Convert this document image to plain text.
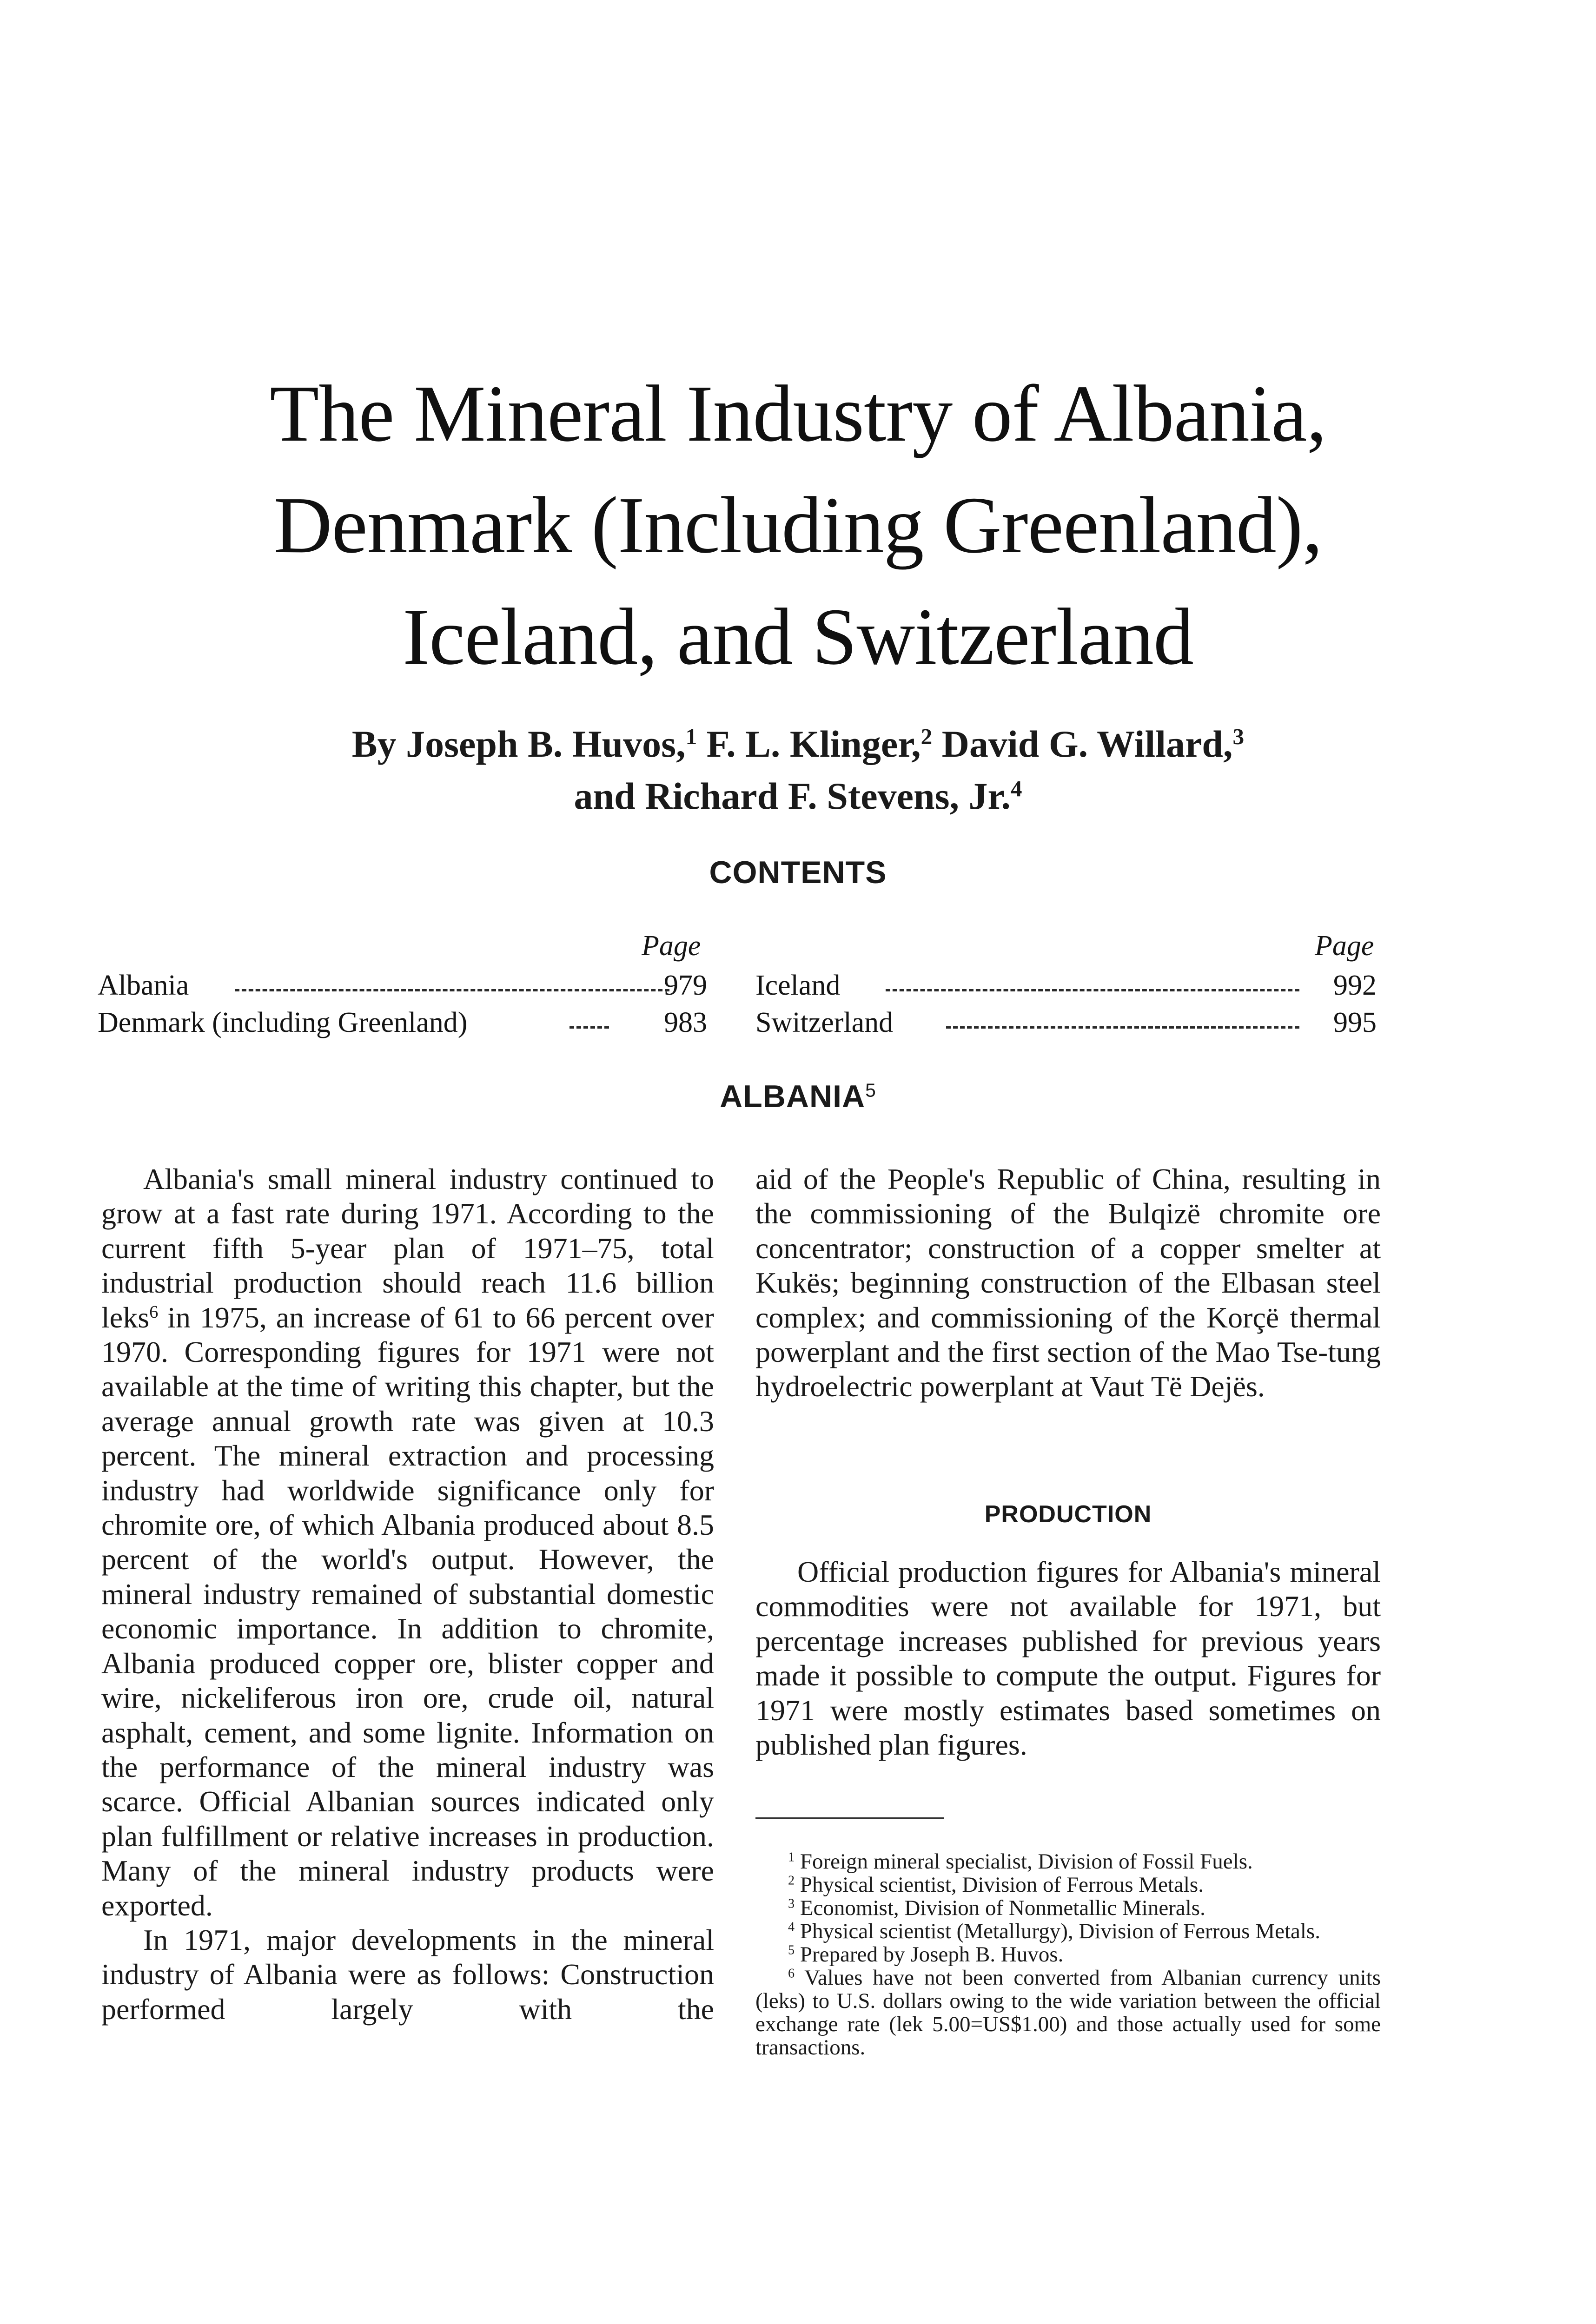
The Mineral Industry of Albania,
Denmark (Including Greenland),
Iceland, and Switzerland
By Joseph B. Huvos,$^1$ F. L. Klinger,$^2$ David G. Willard,$^3$
and Richard F. Stevens, Jr.$^4$
CONTENTS
Page	Page
Albania	979
Denmark (including Greenland)	983
Iceland	992
Switzerland	995
ALBANIA$^5$

Albania's small mineral industry continued to grow at a fast rate during 1971. According to the current fifth 5-year plan of 1971–75, total industrial production should reach 11.6 billion leks$^6$ in 1975, an increase of 61 to 66 percent over 1970. Corresponding figures for 1971 were not available at the time of writing this chapter, but the average annual growth rate was given at 10.3 percent. The mineral extraction and processing industry had worldwide significance only for chromite ore, of which Albania produced about 8.5 percent of the world's output. However, the mineral industry remained of substantial domestic economic importance. In addition to chromite, Albania produced copper ore, blister copper and wire, nickeliferous iron ore, crude oil, natural asphalt, cement, and some lignite. Information on the performance of the mineral industry was scarce. Official Albanian sources indicated only plan fulfillment or relative increases in production. Many of the mineral industry products were exported.

In 1971, major developments in the mineral industry of Albania were as follows: Construction performed largely with the

aid of the People's Republic of China, resulting in the commissioning of the Bulqizë chromite ore concentrator; construction of a copper smelter at Kukës; beginning construction of the Elbasan steel complex; and commissioning of the Korçë thermal powerplant and the first section of the Mao Tse-tung hydroelectric powerplant at Vaut Të Dejës.

PRODUCTION

Official production figures for Albania's mineral commodities were not available for 1971, but percentage increases published for previous years made it possible to compute the output. Figures for 1971 were mostly estimates based sometimes on published plan figures.

$^1$ Foreign mineral specialist, Division of Fossil Fuels.

$^2$ Physical scientist, Division of Ferrous Metals.

$^3$ Economist, Division of Nonmetallic Minerals.

$^4$ Physical scientist (Metallurgy), Division of Ferrous Metals.

$^5$ Prepared by Joseph B. Huvos.

$^6$ Values have not been converted from Albanian currency units (leks) to U.S. dollars owing to the wide variation between the official exchange rate (lek 5.00=US$1.00) and those actually used for some transactions.
